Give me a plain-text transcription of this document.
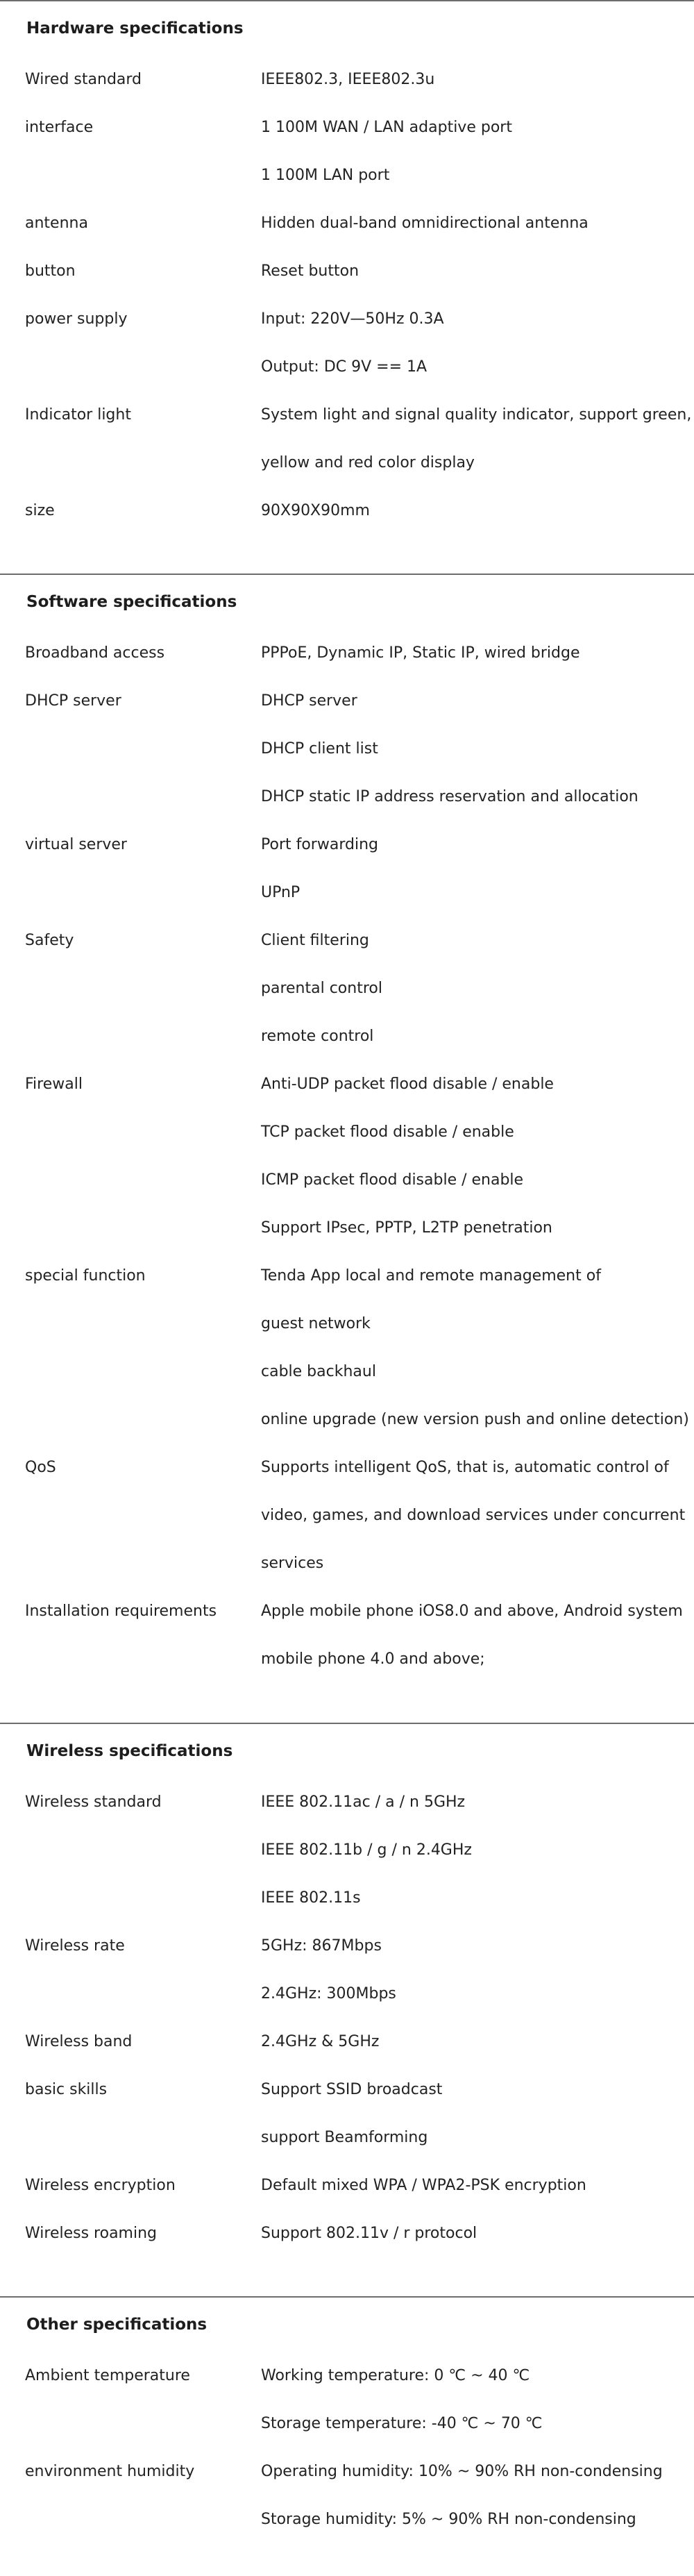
Hardware specifications
Wired standard	IEEE802.3, IEEE802.3u
interface	1 100M WAN / LAN adaptive port
1 100M LAN port
antenna	Hidden dual-band omnidirectional antenna
button	Reset button
power supply	Input: 220V—50Hz 0.3A
Output: DC 9V == 1A
Indicator light	System light and signal quality indicator, support green,
yellow and red color display
size	90X90X90mm
Software specifications
Broadband access	PPPoE, Dynamic IP, Static IP, wired bridge
DHCP server	DHCP server
DHCP client list
DHCP static IP address reservation and allocation
virtual server	Port forwarding
UPnP
Safety	Client filtering
parental control
remote control
Firewall	Anti-UDP packet flood disable / enable
TCP packet flood disable / enable
ICMP packet flood disable / enable
Support IPsec, PPTP, L2TP penetration
special function	Tenda App local and remote management of
guest network
cable backhaul
online upgrade (new version push and online detection)
QoS	Supports intelligent QoS, that is, automatic control of
video, games, and download services under concurrent
services
Installation requirements	Apple mobile phone iOS8.0 and above, Android system
mobile phone 4.0 and above;
Wireless specifications
Wireless standard	IEEE 802.11ac / a / n 5GHz
IEEE 802.11b / g / n 2.4GHz
IEEE 802.11s
Wireless rate	5GHz: 867Mbps
2.4GHz: 300Mbps
Wireless band	2.4GHz & 5GHz
basic skills	Support SSID broadcast
support Beamforming
Wireless encryption	Default mixed WPA / WPA2-PSK encryption
Wireless roaming	Support 802.11v / r protocol
Other specifications
Ambient temperature	Working temperature: 0 ℃ ~ 40 ℃
Storage temperature: -40 ℃ ~ 70 ℃
environment humidity	Operating humidity: 10% ~ 90% RH non-condensing
Storage humidity: 5% ~ 90% RH non-condensing
